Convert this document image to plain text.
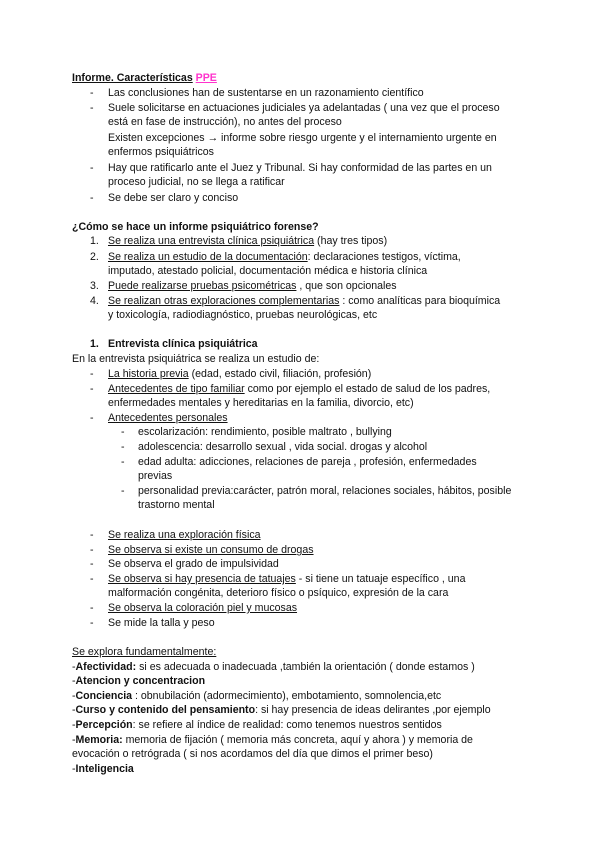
Informe. Características PPE
- Las conclusiones han de sustentarse en un razonamiento científico
- Suele solicitarse en actuaciones judiciales ya adelantadas ( una vez que el proceso
está en fase de instrucción), no antes del proceso
Existen excepciones → informe sobre riesgo urgente y el internamiento urgente en
enfermos psiquiátricos
- Hay que ratificarlo ante el Juez y Tribunal. Si hay conformidad de las partes en un
proceso judicial, no se llega a ratificar
- Se debe ser claro y conciso
¿Cómo se hace un informe psiquiátrico forense?
1. Se realiza una entrevista clínica psiquiátrica (hay tres tipos)
2. Se realiza un estudio de la documentación: declaraciones testigos, víctima,
imputado, atestado policial, documentación médica e historia clínica
3. Puede realizarse pruebas psicométricas , que son opcionales
4. Se realizan otras exploraciones complementarias : como analíticas para bioquímica
y toxicología, radiodiagnóstico, pruebas neurológicas, etc
1. Entrevista clínica psiquiátrica
En la entrevista psiquiátrica se realiza un estudio de:
- La historia previa (edad, estado civil, filiación, profesión)
- Antecedentes de tipo familiar como por ejemplo el estado de salud de los padres,
enfermedades mentales y hereditarias en la familia, divorcio, etc)
- Antecedentes personales
- escolarización: rendimiento, posible maltrato , bullying
- adolescencia: desarrollo sexual , vida social. drogas y alcohol
- edad adulta: adicciones, relaciones de pareja , profesión, enfermedades
previas
- personalidad previa:carácter, patrón moral, relaciones sociales, hábitos, posible
trastorno mental
- Se realiza una exploración física
- Se observa si existe un consumo de drogas
- Se observa el grado de impulsividad
- Se observa si hay presencia de tatuajes - si tiene un tatuaje específico , una
malformación congénita, deterioro físico o psíquico, expresión de la cara
- Se observa la coloración piel y mucosas
- Se mide la talla y peso
Se explora fundamentalmente:
-Afectividad: si es adecuada o inadecuada ,también la orientación ( donde estamos )
-Atencion y concentracion
-Conciencia : obnubilación (adormecimiento), embotamiento, somnolencia,etc
-Curso y contenido del pensamiento: si hay presencia de ideas delirantes ,por ejemplo
-Percepción: se refiere al índice de realidad: como tenemos nuestros sentidos
-Memoria: memoria de fijación ( memoria más concreta, aquí y ahora ) y memoria de
evocación o retrógrada ( si nos acordamos del día que dimos el primer beso)
-Inteligencia
